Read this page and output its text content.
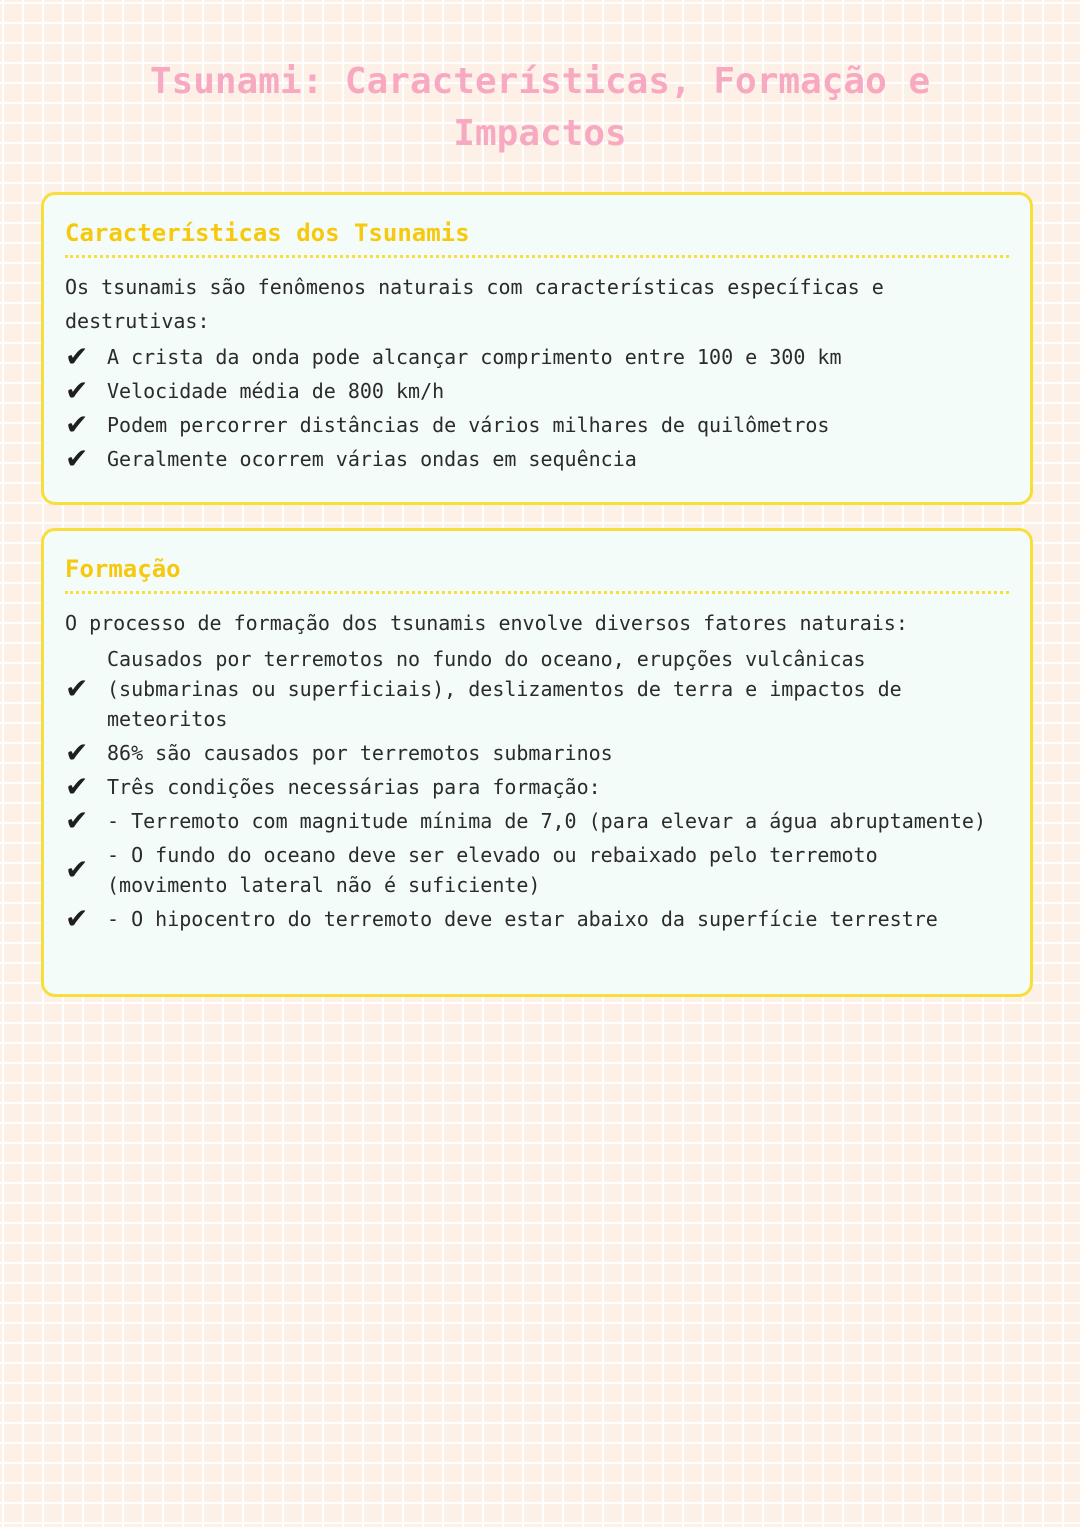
Tsunami: Características, Formação e Impactos
Características dos Tsunamis

Os tsunamis são fenômenos naturais com características específicas e destrutivas:

✔ A crista da onda pode alcançar comprimento entre 100 e 300 km
✔ Velocidade média de 800 km/h
✔ Podem percorrer distâncias de vários milhares de quilômetros
✔ Geralmente ocorrem várias ondas em sequência
Formação

O processo de formação dos tsunamis envolve diversos fatores naturais:

✔
Causados por terremotos no fundo do oceano, erupções vulcânicas (submarinas ou superficiais), deslizamentos de terra e impactos de meteoritos
✔ 86% são causados por terremotos submarinos
✔ Três condições necessárias para formação:
✔ - Terremoto com magnitude mínima de 7,0 (para elevar a água abruptamente)
✔ - O fundo do oceano deve ser elevado ou rebaixado pelo terremoto (movimento lateral não é suficiente)
✔ - O hipocentro do terremoto deve estar abaixo da superfície terrestre
